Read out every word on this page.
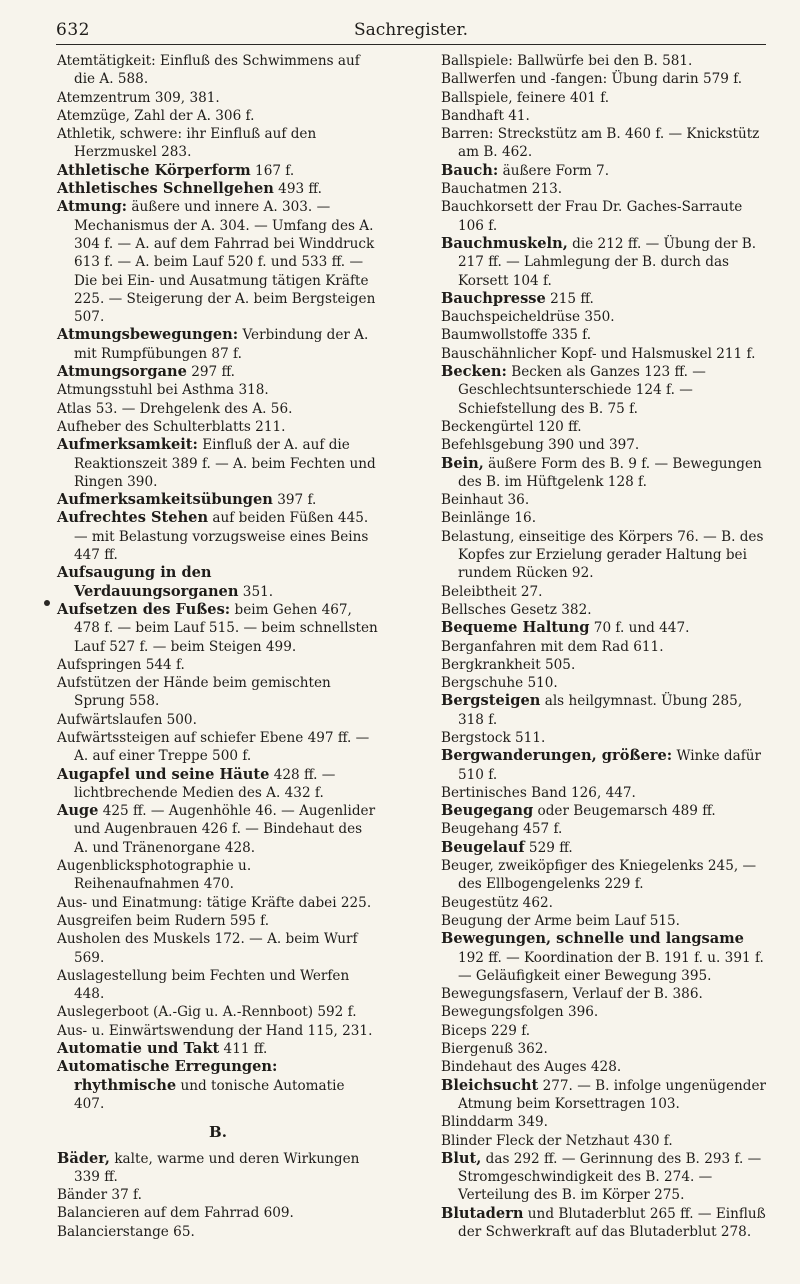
632	Sachregister.

Atemtätigkeit: Einfluß des Schwimmens auf die A. 588.

Atemzentrum 309, 381.

Atemzüge, Zahl der A. 306 f.

Athletik, schwere: ihr Einfluß auf den Herzmuskel 283.

Athletische Körperform 167 f.

Athletisches Schnellgehen 493 ff.

Atmung: äußere und innere A. 303. — Mechanismus der A. 304. — Umfang des A. 304 f. — A. auf dem Fahrrad bei Winddruck 613 f. — A. beim Lauf 520 f. und 533 ff. — Die bei Ein- und Ausatmung tätigen Kräfte 225. — Steigerung der A. beim Bergsteigen 507.

Atmungsbewegungen: Verbindung der A. mit Rumpfübungen 87 f.

Atmungsorgane 297 ff.

Atmungsstuhl bei Asthma 318.

Atlas 53. — Drehgelenk des A. 56.

Aufheber des Schulterblatts 211.

Aufmerksamkeit: Einfluß der A. auf die Reaktionszeit 389 f. — A. beim Fechten und Ringen 390.

Aufmerksamkeitsübungen 397 f.

Aufrechtes Stehen auf beiden Füßen 445. — mit Belastung vorzugsweise eines Beins 447 ff.

Aufsaugung in den Verdauungsorganen 351.

Aufsetzen des Fußes: beim Gehen 467, 478 f. — beim Lauf 515. — beim schnellsten Lauf 527 f. — beim Steigen 499.

Aufspringen 544 f.

Aufstützen der Hände beim gemischten Sprung 558.

Aufwärtslaufen 500.

Aufwärtssteigen auf schiefer Ebene 497 ff. — A. auf einer Treppe 500 f.

Augapfel und seine Häute 428 ff. — lichtbrechende Medien des A. 432 f.

Auge 425 ff. — Augenhöhle 46. — Augenlider und Augenbrauen 426 f. — Bindehaut des A. und Tränenorgane 428.

Augenblicksphotographie u. Reihenaufnahmen 470.

Aus- und Einatmung: tätige Kräfte dabei 225.

Ausgreifen beim Rudern 595 f.

Ausholen des Muskels 172. — A. beim Wurf 569.

Auslagestellung beim Fechten und Werfen 448.

Auslegerboot (A.-Gig u. A.-Rennboot) 592 f.

Aus- u. Einwärtswendung der Hand 115, 231.

Automatie und Takt 411 ff.

Automatische Erregungen: rhythmische und tonische Automatie 407.

B.

Bäder, kalte, warme und deren Wirkungen 339 ff.

Bänder 37 f.

Balancieren auf dem Fahrrad 609.

Balancierstange 65.

Ballspiele: Ballwürfe bei den B. 581.

Ballwerfen und -fangen: Übung darin 579 f.

Ballspiele, feinere 401 f.

Bandhaft 41.

Barren: Streckstütz am B. 460 f. — Knickstütz am B. 462.

Bauch: äußere Form 7.

Bauchatmen 213.

Bauchkorsett der Frau Dr. Gaches-Sarraute 106 f.

Bauchmuskeln, die 212 ff. — Übung der B. 217 ff. — Lahmlegung der B. durch das Korsett 104 f.

Bauchpresse 215 ff.

Bauchspeicheldrüse 350.

Baumwollstoffe 335 f.

Bauschähnlicher Kopf- und Halsmuskel 211 f.

Becken: Becken als Ganzes 123 ff. — Geschlechtsunterschiede 124 f. — Schiefstellung des B. 75 f.

Beckengürtel 120 ff.

Befehlsgebung 390 und 397.

Bein, äußere Form des B. 9 f. — Bewegungen des B. im Hüftgelenk 128 f.

Beinhaut 36.

Beinlänge 16.

Belastung, einseitige des Körpers 76. — B. des Kopfes zur Erzielung gerader Haltung bei rundem Rücken 92.

Beleibtheit 27.

Bellsches Gesetz 382.

Bequeme Haltung 70 f. und 447.

Berganfahren mit dem Rad 611.

Bergkrankheit 505.

Bergschuhe 510.

Bergsteigen als heilgymnast. Übung 285, 318 f.

Bergstock 511.

Bergwanderungen, größere: Winke dafür 510 f.

Bertinisches Band 126, 447.

Beugegang oder Beugemarsch 489 ff.

Beugehang 457 f.

Beugelauf 529 ff.

Beuger, zweiköpfiger des Kniegelenks 245, — des Ellbogengelenks 229 f.

Beugestütz 462.

Beugung der Arme beim Lauf 515.

Bewegungen, schnelle und langsame 192 ff. — Koordination der B. 191 f. u. 391 f. — Geläufigkeit einer Bewegung 395.

Bewegungsfasern, Verlauf der B. 386.

Bewegungsfolgen 396.

Biceps 229 f.

Biergenuß 362.

Bindehaut des Auges 428.

Bleichsucht 277. — B. infolge ungenügender Atmung beim Korsettragen 103.

Blinddarm 349.

Blinder Fleck der Netzhaut 430 f.

Blut, das 292 ff. — Gerinnung des B. 293 f. — Stromgeschwindigkeit des B. 274. — Verteilung des B. im Körper 275.

Blutadern und Blutaderblut 265 ff. — Einfluß der Schwerkraft auf das Blutaderblut 278.
